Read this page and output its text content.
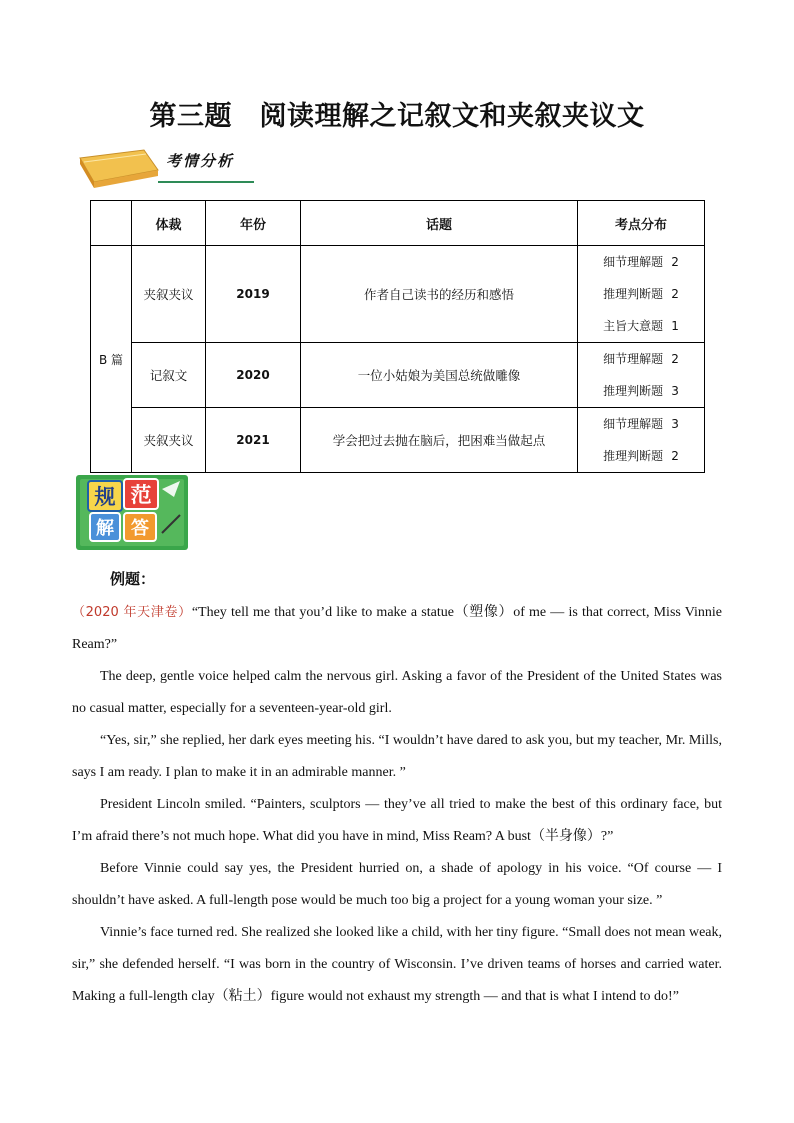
第三题　阅读理解之记叙文和夹叙夹议文
考情分析
	体裁	年份	话题	考点分布
B 篇	夹叙夹议	2019	作者自己读书的经历和感悟	细节理解题 2
推理判断题 2
主旨大意题 1

	记叙文	2020	一位小姑娘为美国总统做雕像	细节理解题 2
推理判断题 3

	夹叙夹议	2021	学会把过去抛在脑后，把困难当做起点	细节理解题 3
推理判断题 2
规 范
解 答
例题：

（2020 年天津卷）“They tell me that you’d like to make a statue（塑像）of me — is that correct, Miss Vinnie Ream?”

The deep, gentle voice helped calm the nervous girl. Asking a favor of the President of the United States was no casual matter, especially for a seventeen-year-old girl.

“Yes, sir,” she replied, her dark eyes meeting his. “I wouldn’t have dared to ask you, but my teacher, Mr. Mills, says I am ready. I plan to make it in an admirable manner. ”

President Lincoln smiled. “Painters, sculptors — they’ve all tried to make the best of this ordinary face, but I’m afraid there’s not much hope. What did you have in mind, Miss Ream? A bust（半身像）?”

Before Vinnie could say yes, the President hurried on, a shade of apology in his voice. “Of course — I shouldn’t have asked. A full-length pose would be much too big a project for a young woman your size. ”

Vinnie’s face turned red. She realized she looked like a child, with her tiny figure. “Small does not mean weak, sir,” she defended herself. “I was born in the country of Wisconsin. I’ve driven teams of horses and carried water. Making a full-length clay（粘土）figure would not exhaust my strength — and that is what I intend to do!”
